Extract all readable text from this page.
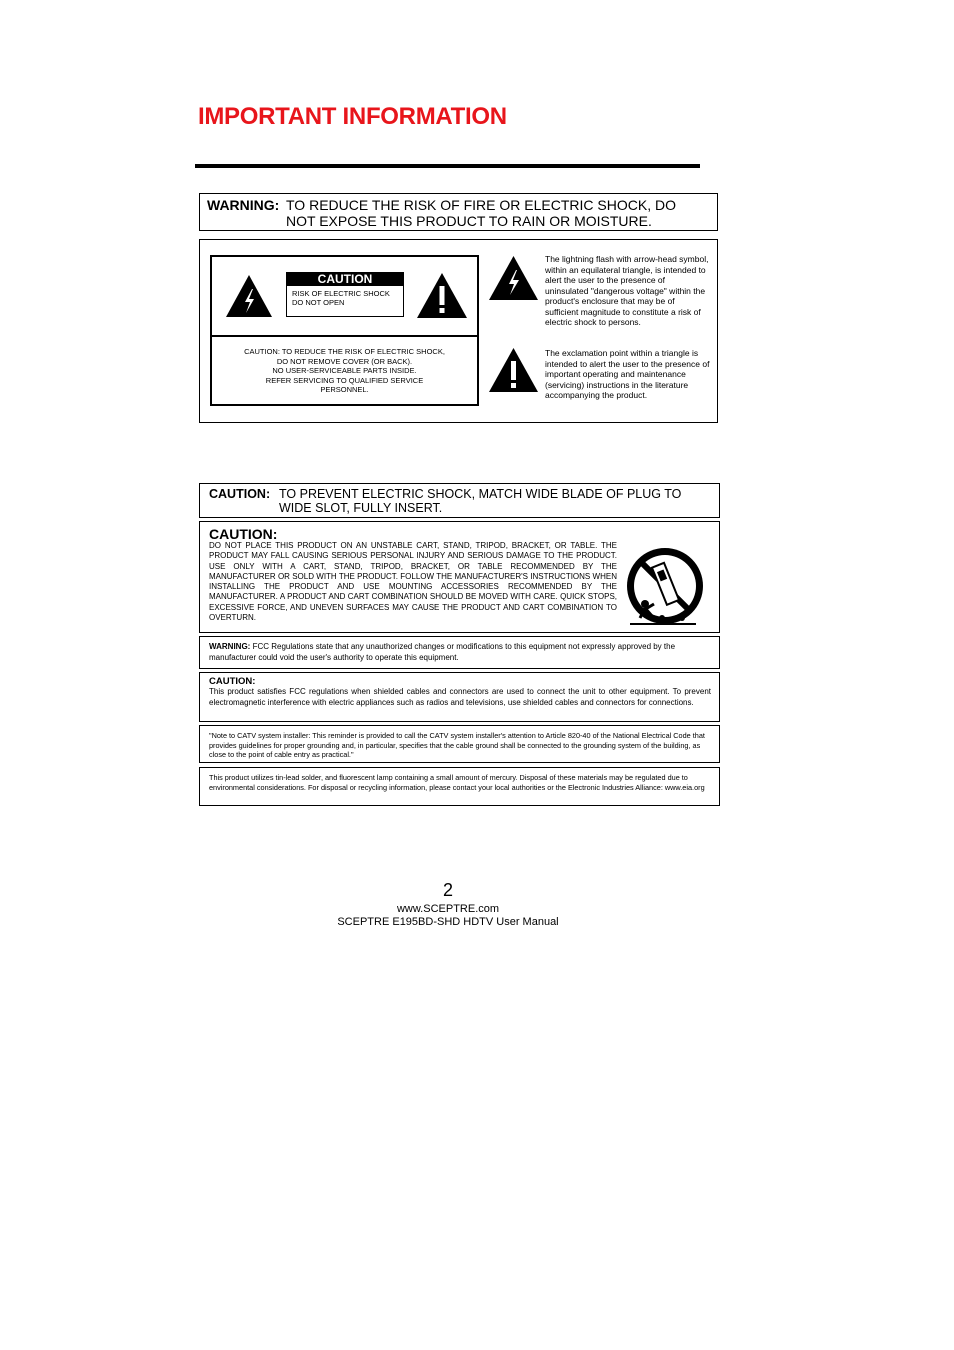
IMPORTANT INFORMATION
WARNING: TO REDUCE THE RISK OF FIRE OR ELECTRIC SHOCK, DO NOT EXPOSE THIS PRODUCT TO RAIN OR MOISTURE.
CAUTION
RISK OF ELECTRIC SHOCK
DO NOT OPEN
CAUTION: TO REDUCE THE RISK OF ELECTRIC SHOCK,
DO NOT REMOVE COVER (OR BACK).
NO USER-SERVICEABLE PARTS INSIDE.
REFER SERVICING TO QUALIFIED SERVICE
PERSONNEL.
The lightning flash with arrow-head symbol, within an equilateral triangle, is intended to alert the user to the presence of uninsulated "dangerous voltage" within the product's enclosure that may be of sufficient magnitude to constitute a risk of electric shock to persons.
The exclamation point within a triangle is intended to alert the user to the presence of important operating and maintenance (servicing) instructions in the literature accompanying the product.
CAUTION: TO PREVENT ELECTRIC SHOCK, MATCH WIDE BLADE OF PLUG TO WIDE SLOT, FULLY INSERT.
CAUTION:
DO NOT PLACE THIS PRODUCT ON AN UNSTABLE CART, STAND, TRIPOD, BRACKET, OR TABLE. THE PRODUCT MAY FALL CAUSING SERIOUS PERSONAL INJURY AND SERIOUS DAMAGE TO THE PRODUCT. USE ONLY WITH A CART, STAND, TRIPOD, BRACKET, OR TABLE RECOMMENDED BY THE MANUFACTURER OR SOLD WITH THE PRODUCT. FOLLOW THE MANUFACTURER'S INSTRUCTIONS WHEN INSTALLING THE PRODUCT AND USE MOUNTING ACCESSORIES RECOMMENDED BY THE MANUFACTURER. A PRODUCT AND CART COMBINATION SHOULD BE MOVED WITH CARE. QUICK STOPS, EXCESSIVE FORCE, AND UNEVEN SURFACES MAY CAUSE THE PRODUCT AND CART COMBINATION TO OVERTURN.
WARNING: FCC Regulations state that any unauthorized changes or modifications to this equipment not expressly approved by the manufacturer could void the user's authority to operate this equipment.
CAUTION:
This product satisfies FCC regulations when shielded cables and connectors are used to connect the unit to other equipment. To prevent electromagnetic interference with electric appliances such as radios and televisions, use shielded cables and connectors for connections.
"Note to CATV system installer: This reminder is provided to call the CATV system installer's attention to Article 820-40 of the National Electrical Code that provides guidelines for proper grounding and, in particular, specifies that the cable ground shall be connected to the grounding system of the building, as close to the point of cable entry as practical."
This product utilizes tin-lead solder, and fluorescent lamp containing a small amount of mercury. Disposal of these materials may be regulated due to environmental considerations. For disposal or recycling information, please contact your local authorities or the Electronic Industries Alliance: www.eia.org
2
www.SCEPTRE.com
SCEPTRE E195BD-SHD HDTV User Manual
